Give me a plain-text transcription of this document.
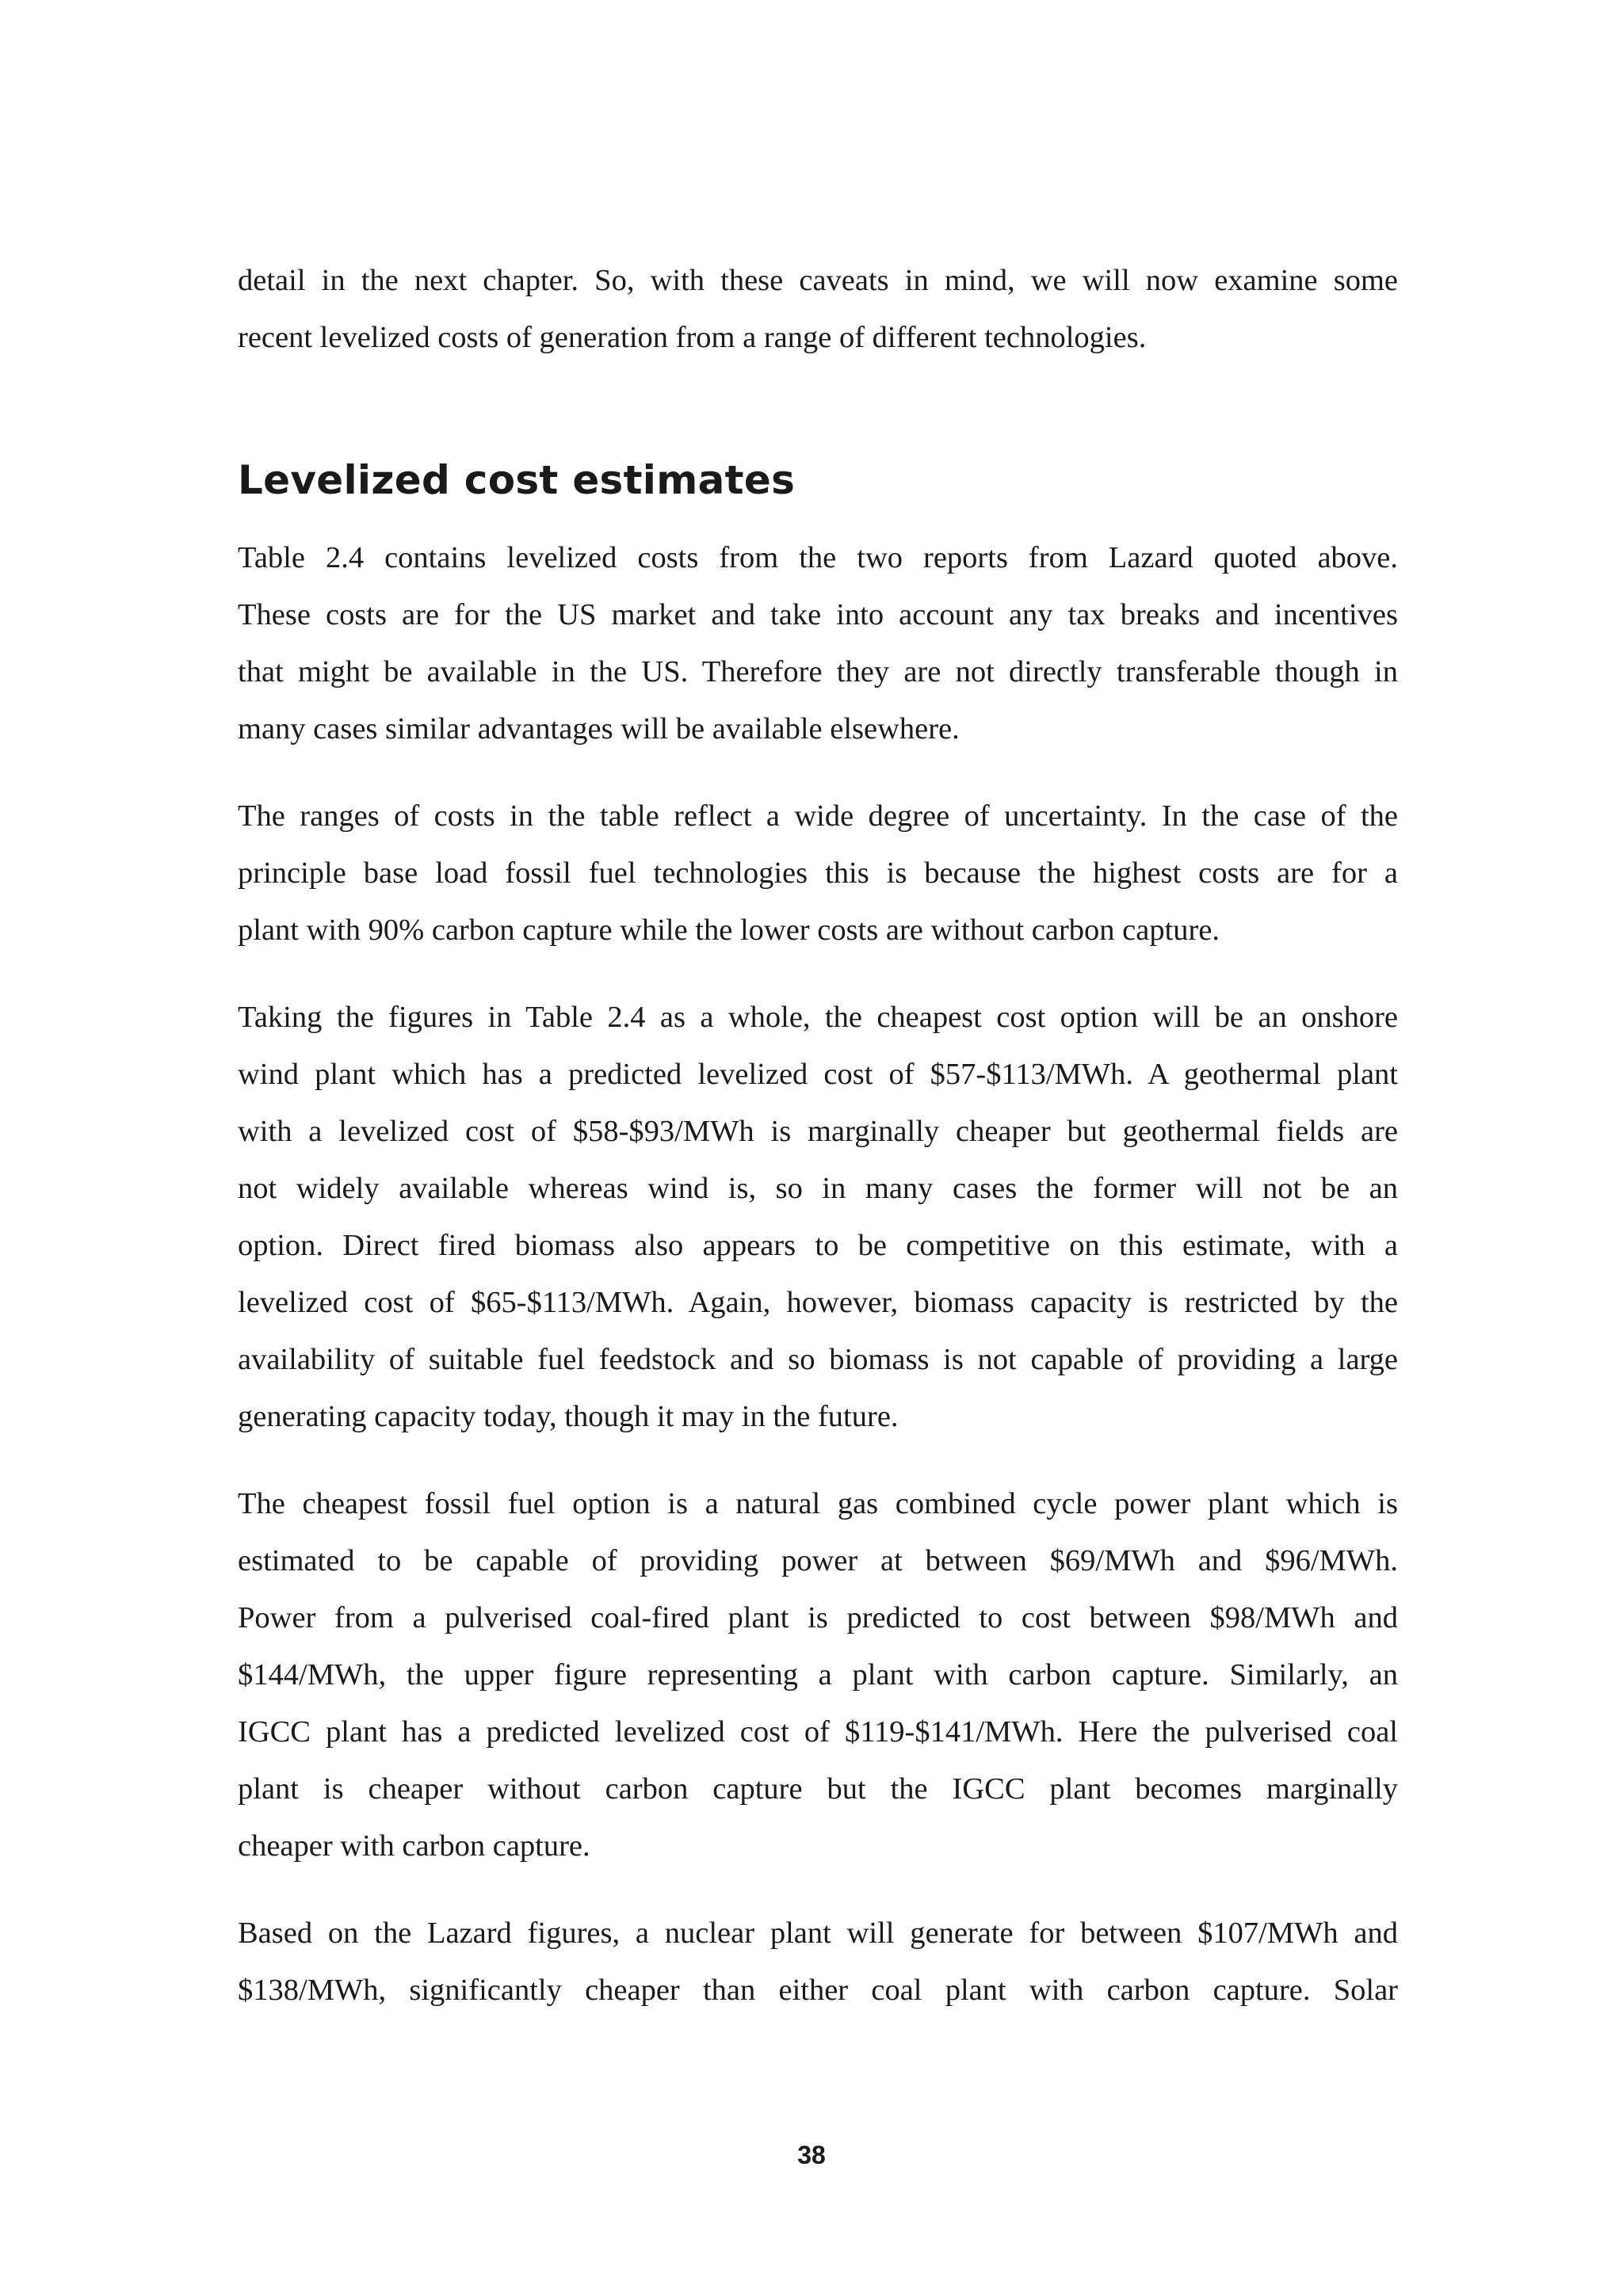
detail in the next chapter. So, with these caveats in mind, we will now examine some
recent levelized costs of generation from a range of different technologies.
Levelized cost estimates
Table 2.4 contains levelized costs from the two reports from Lazard quoted above.
These costs are for the US market and take into account any tax breaks and incentives
that might be available in the US. Therefore they are not directly transferable though in
many cases similar advantages will be available elsewhere.
The ranges of costs in the table reflect a wide degree of uncertainty. In the case of the
principle base load fossil fuel technologies this is because the highest costs are for a
plant with 90% carbon capture while the lower costs are without carbon capture.
Taking the figures in Table 2.4 as a whole, the cheapest cost option will be an onshore
wind plant which has a predicted levelized cost of $57-$113/MWh. A geothermal plant
with a levelized cost of $58-$93/MWh is marginally cheaper but geothermal fields are
not widely available whereas wind is, so in many cases the former will not be an
option. Direct fired biomass also appears to be competitive on this estimate, with a
levelized cost of $65-$113/MWh. Again, however, biomass capacity is restricted by the
availability of suitable fuel feedstock and so biomass is not capable of providing a large
generating capacity today, though it may in the future.
The cheapest fossil fuel option is a natural gas combined cycle power plant which is
estimated to be capable of providing power at between $69/MWh and $96/MWh.
Power from a pulverised coal-fired plant is predicted to cost between $98/MWh and
$144/MWh, the upper figure representing a plant with carbon capture. Similarly, an
IGCC plant has a predicted levelized cost of $119-$141/MWh. Here the pulverised coal
plant is cheaper without carbon capture but the IGCC plant becomes marginally
cheaper with carbon capture.
Based on the Lazard figures, a nuclear plant will generate for between $107/MWh and
$138/MWh, significantly cheaper than either coal plant with carbon capture. Solar
38
